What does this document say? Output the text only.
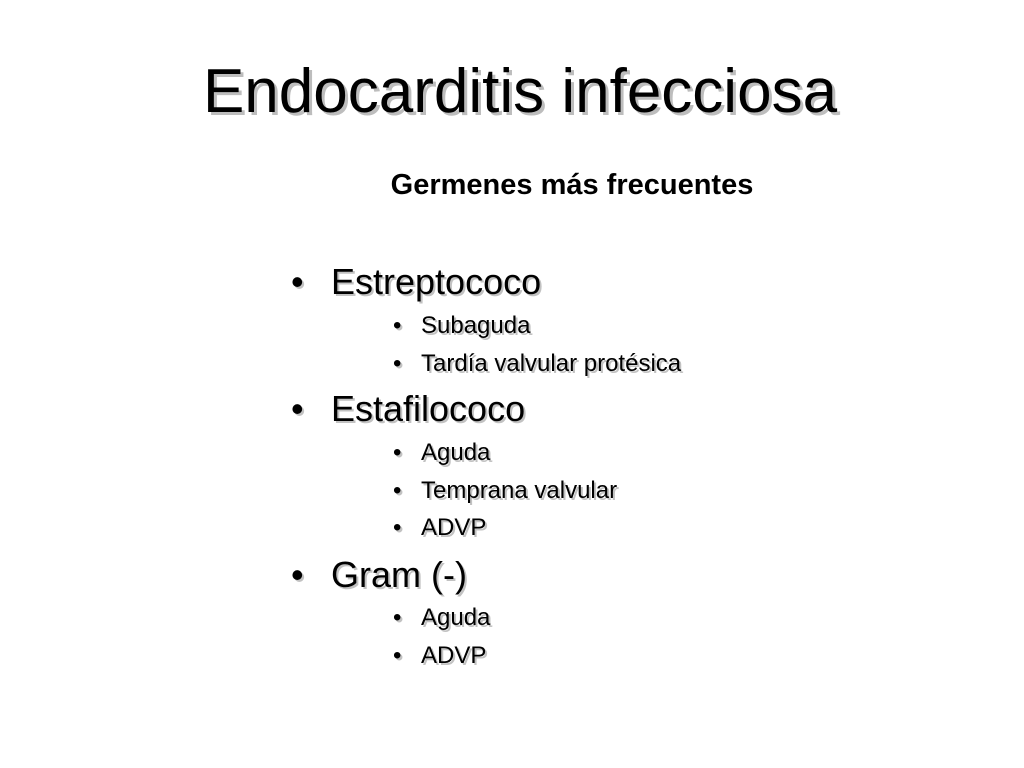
Endocarditis infecciosa
Germenes más frecuentes
• Estreptococo
• Subaguda
• Tardía valvular protésica
• Estafilococo
• Aguda
• Temprana valvular
• ADVP
• Gram (-)
• Aguda
• ADVP
